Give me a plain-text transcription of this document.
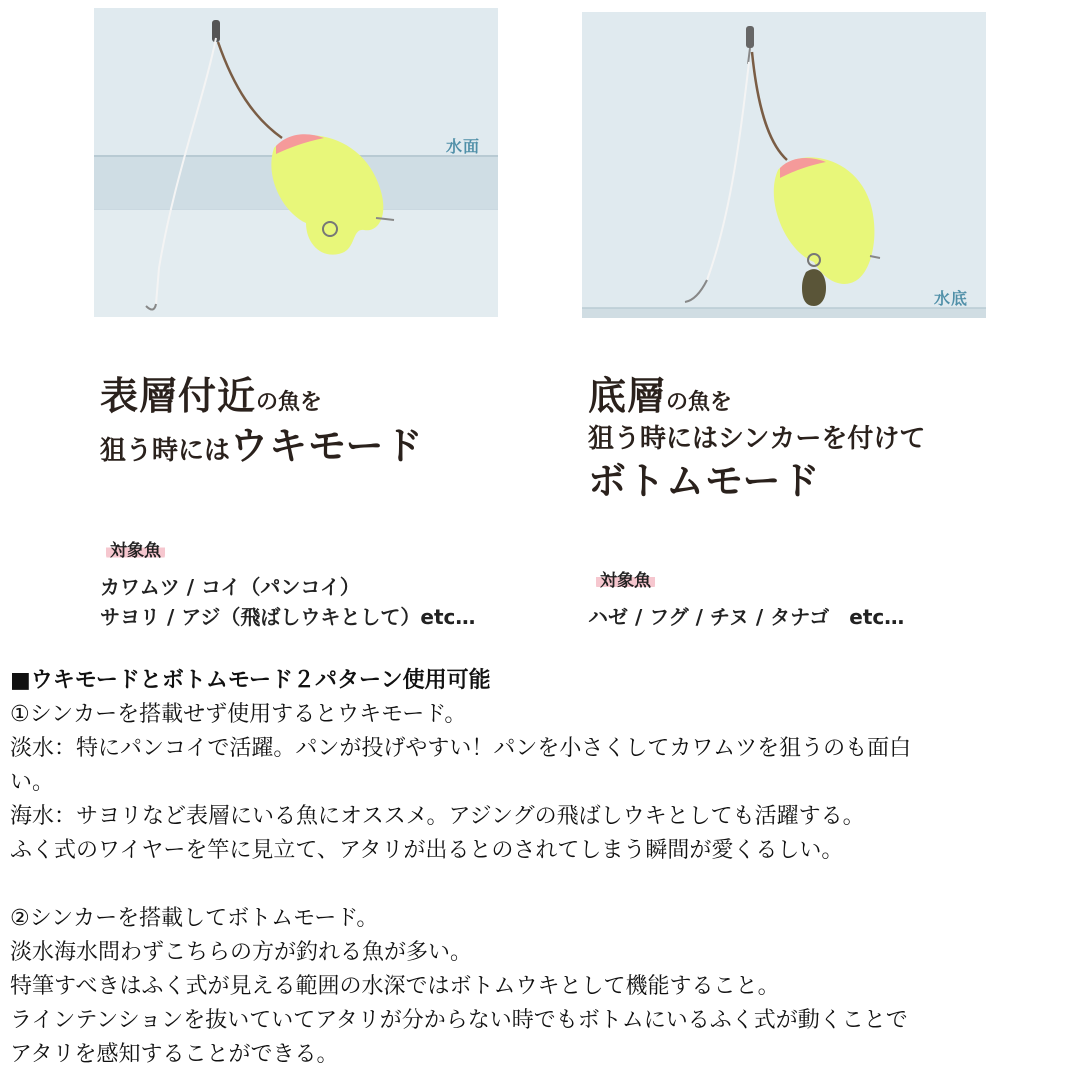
水面
水底
表層付近の魚を
狙う時にはウキモード
底層の魚を
狙う時にはシンカーを付けて
ボトムモード
対象魚
対象魚
カワムツ / コイ（パンコイ）
サヨリ / アジ（飛ばしウキとして）etc…	ハゼ / フグ / チヌ / タナゴ　etc…

■ウキモードとボトムモード２パターン使用可能

①シンカーを搭載せず使用するとウキモード。

淡水：特にパンコイで活躍。パンが投げやすい！パンを小さくしてカワムツを狙うのも面白

い。

海水：サヨリなど表層にいる魚にオススメ。アジングの飛ばしウキとしても活躍する。

ふく式のワイヤーを竿に見立て、アタリが出るとのされてしまう瞬間が愛くるしい。

②シンカーを搭載してボトムモード。

淡水海水問わずこちらの方が釣れる魚が多い。

特筆すべきはふく式が見える範囲の水深ではボトムウキとして機能すること。

ラインテンションを抜いていてアタリが分からない時でもボトムにいるふく式が動くことで

アタリを感知することができる。
